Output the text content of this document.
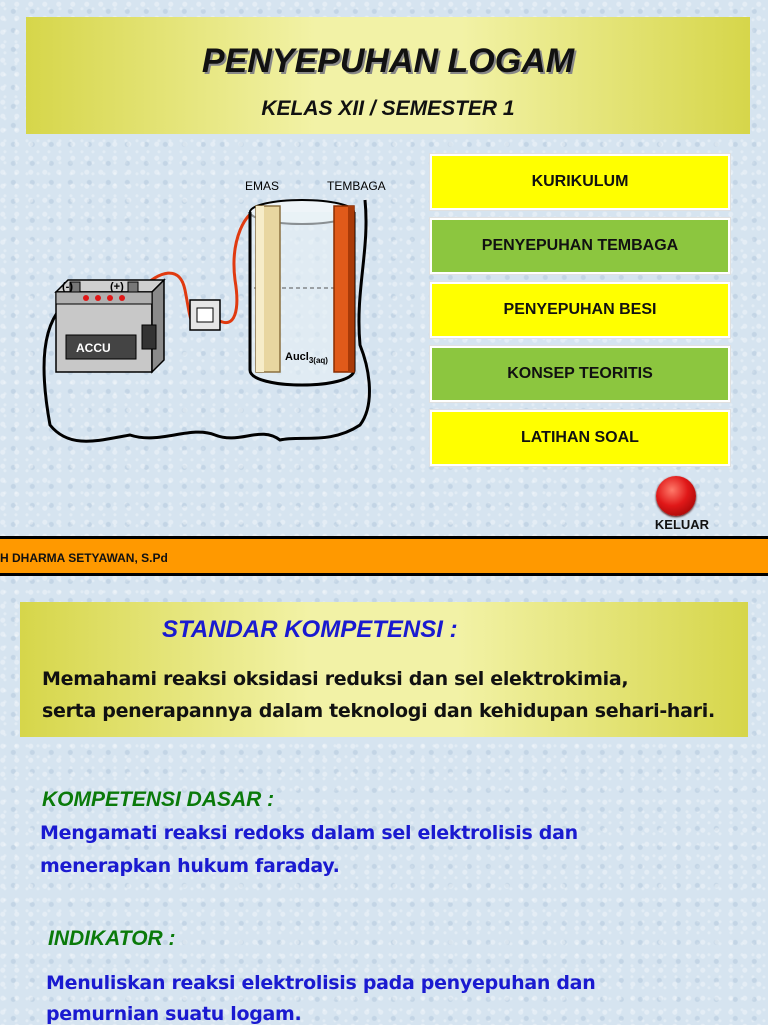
PENYEPUHAN LOGAM
KELAS XII / SEMESTER 1
(-)	(+)
ACCU
EMAS	TEMBAGA
Aucl$_{3(aq)}$
KURIKULUM
PENYEPUHAN TEMBAGA
PENYEPUHAN BESI
KONSEP TEORITIS
LATIHAN SOAL
KELUAR
H DHARMA SETYAWAN, S.Pd
STANDAR KOMPETENSI :
Memahami reaksi oksidasi reduksi dan sel elektrokimia,
serta penerapannya dalam teknologi dan kehidupan sehari-hari.
KOMPETENSI DASAR :
Mengamati reaksi redoks dalam sel elektrolisis dan
menerapkan hukum faraday.
INDIKATOR :
Menuliskan reaksi elektrolisis pada penyepuhan dan
pemurnian suatu logam.
